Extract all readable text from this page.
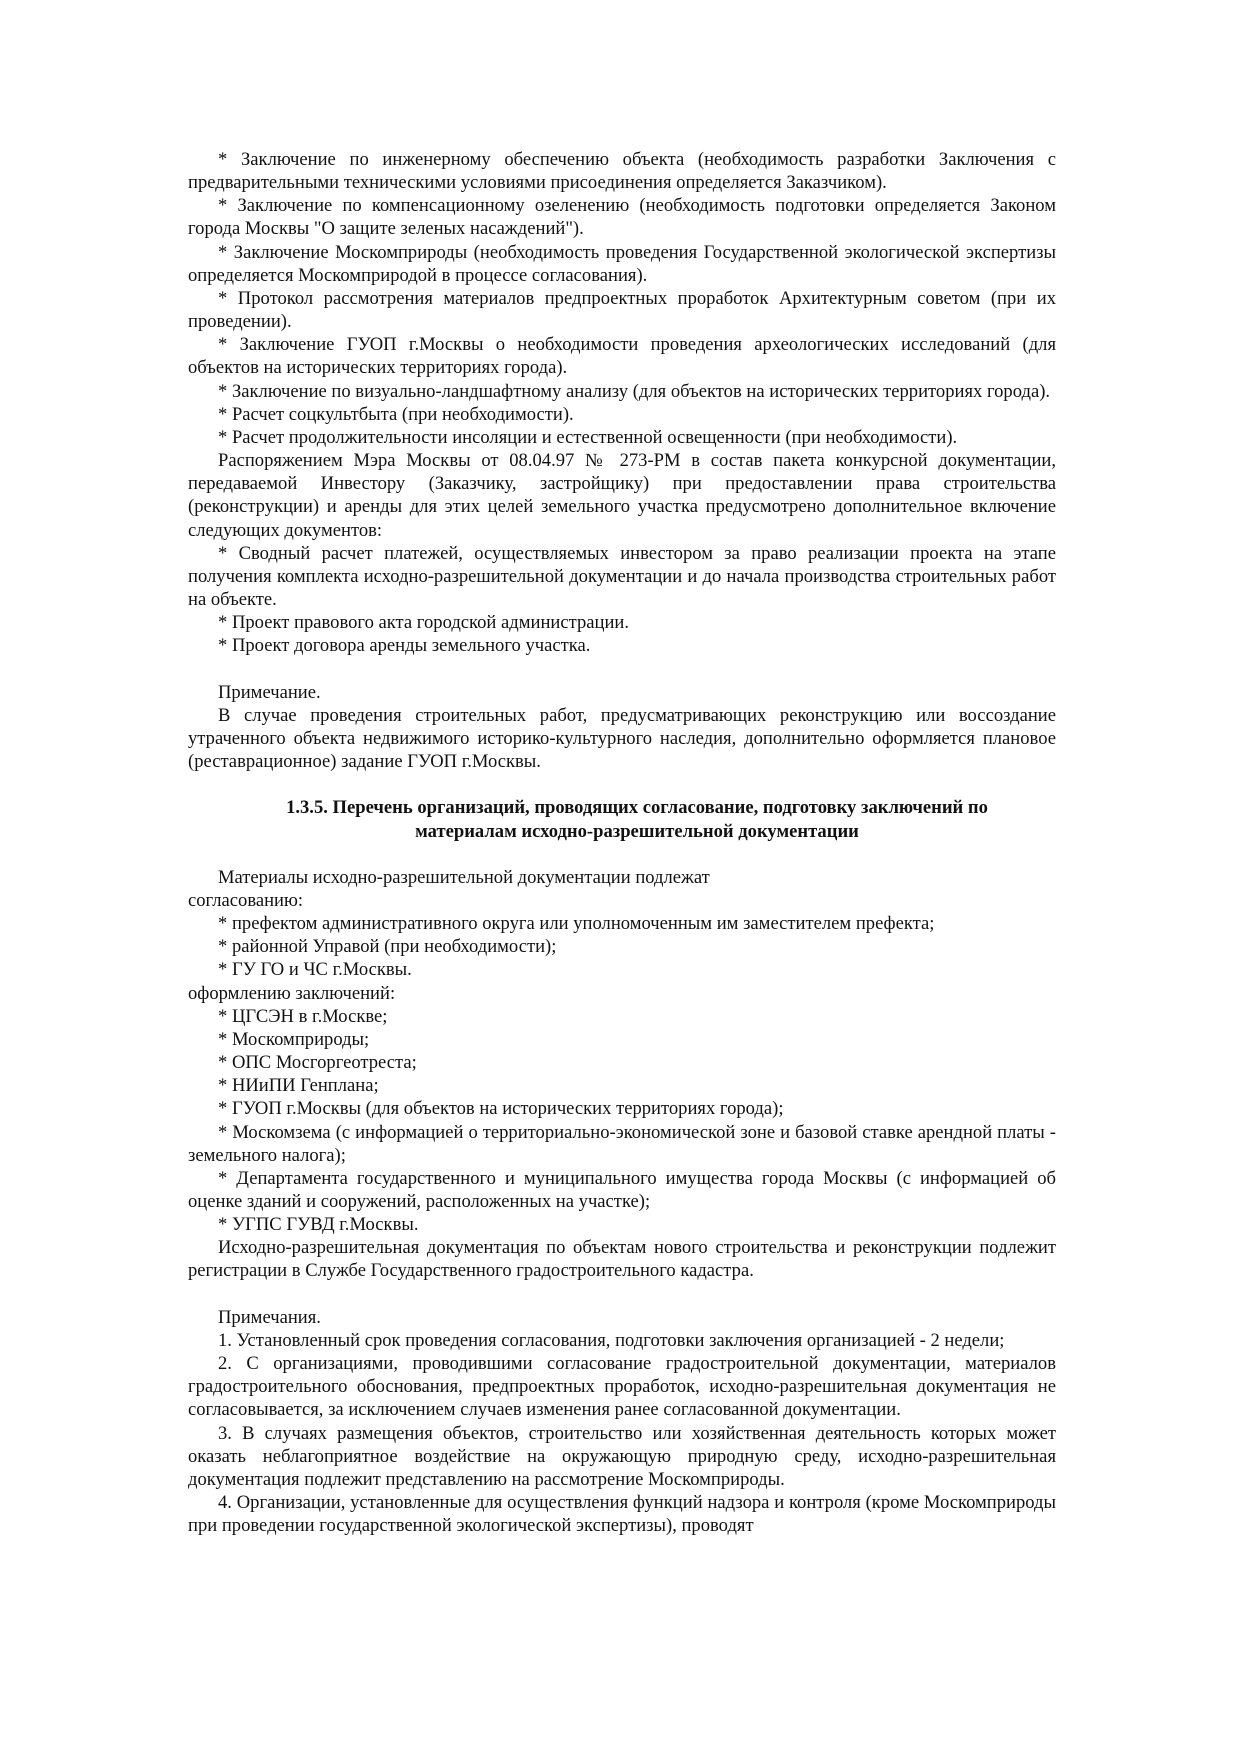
* Заключение по инженерному обеспечению объекта (необходимость разработки Заключения с предварительными техническими условиями присоединения определяется Заказчиком).

* Заключение по компенсационному озеленению (необходимость подготовки определяется Законом города Москвы "О защите зеленых насаждений").

* Заключение Москомприроды (необходимость проведения Государственной экологической экспертизы определяется Москомприродой в процессе согласования).

* Протокол рассмотрения материалов предпроектных проработок Архитектурным советом (при их проведении).

* Заключение ГУОП г.Москвы о необходимости проведения археологических исследований (для объектов на исторических территориях города).

* Заключение по визуально-ландшафтному анализу (для объектов на исторических территориях города).

* Расчет соцкультбыта (при необходимости).

* Расчет продолжительности инсоляции и естественной освещенности (при необходимости).

Распоряжением Мэра Москвы от 08.04.97 № 273-РМ в состав пакета конкурсной документации, передаваемой Инвестору (Заказчику, застройщику) при предоставлении права строительства (реконструкции) и аренды для этих целей земельного участка предусмотрено дополнительное включение следующих документов:

* Сводный расчет платежей, осуществляемых инвестором за право реализации проекта на этапе получения комплекта исходно-разрешительной документации и до начала производства строительных работ на объекте.

* Проект правового акта городской администрации.

* Проект договора аренды земельного участка.

Примечание.

В случае проведения строительных работ, предусматривающих реконструкцию или воссоздание утраченного объекта недвижимого историко-культурного наследия, дополнительно оформляется плановое (реставрационное) задание ГУОП г.Москвы.

1.3.5. Перечень организаций, проводящих согласование, подготовку заключений по
материалам исходно-разрешительной документации

Материалы исходно-разрешительной документации подлежат

согласованию:

* префектом административного округа или уполномоченным им заместителем префекта;

* районной Управой (при необходимости);

* ГУ ГО и ЧС г.Москвы.

оформлению заключений:

* ЦГСЭН в г.Москве;

* Москомприроды;

* ОПС Мосгоргеотреста;

* НИиПИ Генплана;

* ГУОП г.Москвы (для объектов на исторических территориях города);

* Москомзема (с информацией о территориально-экономической зоне и базовой ставке арендной платы - земельного налога);

* Департамента государственного и муниципального имущества города Москвы (с информацией об оценке зданий и сооружений, расположенных на участке);

* УГПС ГУВД г.Москвы.

Исходно-разрешительная документация по объектам нового строительства и реконструкции подлежит регистрации в Службе Государственного градостроительного кадастра.

Примечания.

1. Установленный срок проведения согласования, подготовки заключения организацией - 2 недели;

2. С организациями, проводившими согласование градостроительной документации, материалов градостроительного обоснования, предпроектных проработок, исходно-разрешительная документация не согласовывается, за исключением случаев изменения ранее согласованной документации.

3. В случаях размещения объектов, строительство или хозяйственная деятельность которых может оказать неблагоприятное воздействие на окружающую природную среду, исходно-разрешительная документация подлежит представлению на рассмотрение Москомприроды.

4. Организации, установленные для осуществления функций надзора и контроля (кроме Москомприроды при проведении государственной экологической экспертизы), проводят
